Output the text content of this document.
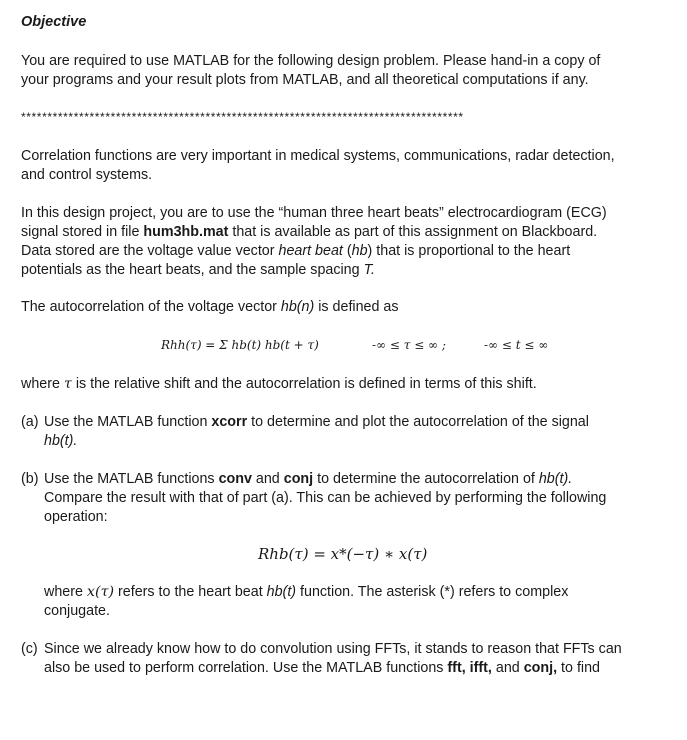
Objective
You are required to use MATLAB for the following design problem. Please hand-in a copy of
your programs and your result plots from MATLAB, and all theoretical computations if any.
************************************************************************************
Correlation functions are very important in medical systems, communications, radar detection,
and control systems.
In this design project, you are to use the “human three heart beats” electrocardiogram (ECG)
signal stored in file hum3hb.mat that is available as part of this assignment on Blackboard.
Data stored are the voltage value vector heart beat (hb) that is proportional to the heart
potentials as the heart beats, and the sample spacing T.
The autocorrelation of the voltage vector hb(n) is defined as
Rhh(τ) = Σ hb(t) hb(t + τ)	-∞ ≤ τ ≤ ∞ ;	-∞ ≤ t ≤ ∞
where τ is the relative shift and the autocorrelation is defined in terms of this shift.
(a) Use the MATLAB function xcorr to determine and plot the autocorrelation of the signal
hb(t).
(b) Use the MATLAB functions conv and conj to determine the autocorrelation of hb(t).
Compare the result with that of part (a). This can be achieved by performing the following
operation:
Rhb(τ) = x*(−τ) ∗ x(τ)
where x(τ) refers to the heart beat hb(t) function. The asterisk (*) refers to complex
conjugate.
(c) Since we already know how to do convolution using FFTs, it stands to reason that FFTs can
also be used to perform correlation. Use the MATLAB functions fft, ifft, and conj, to find
